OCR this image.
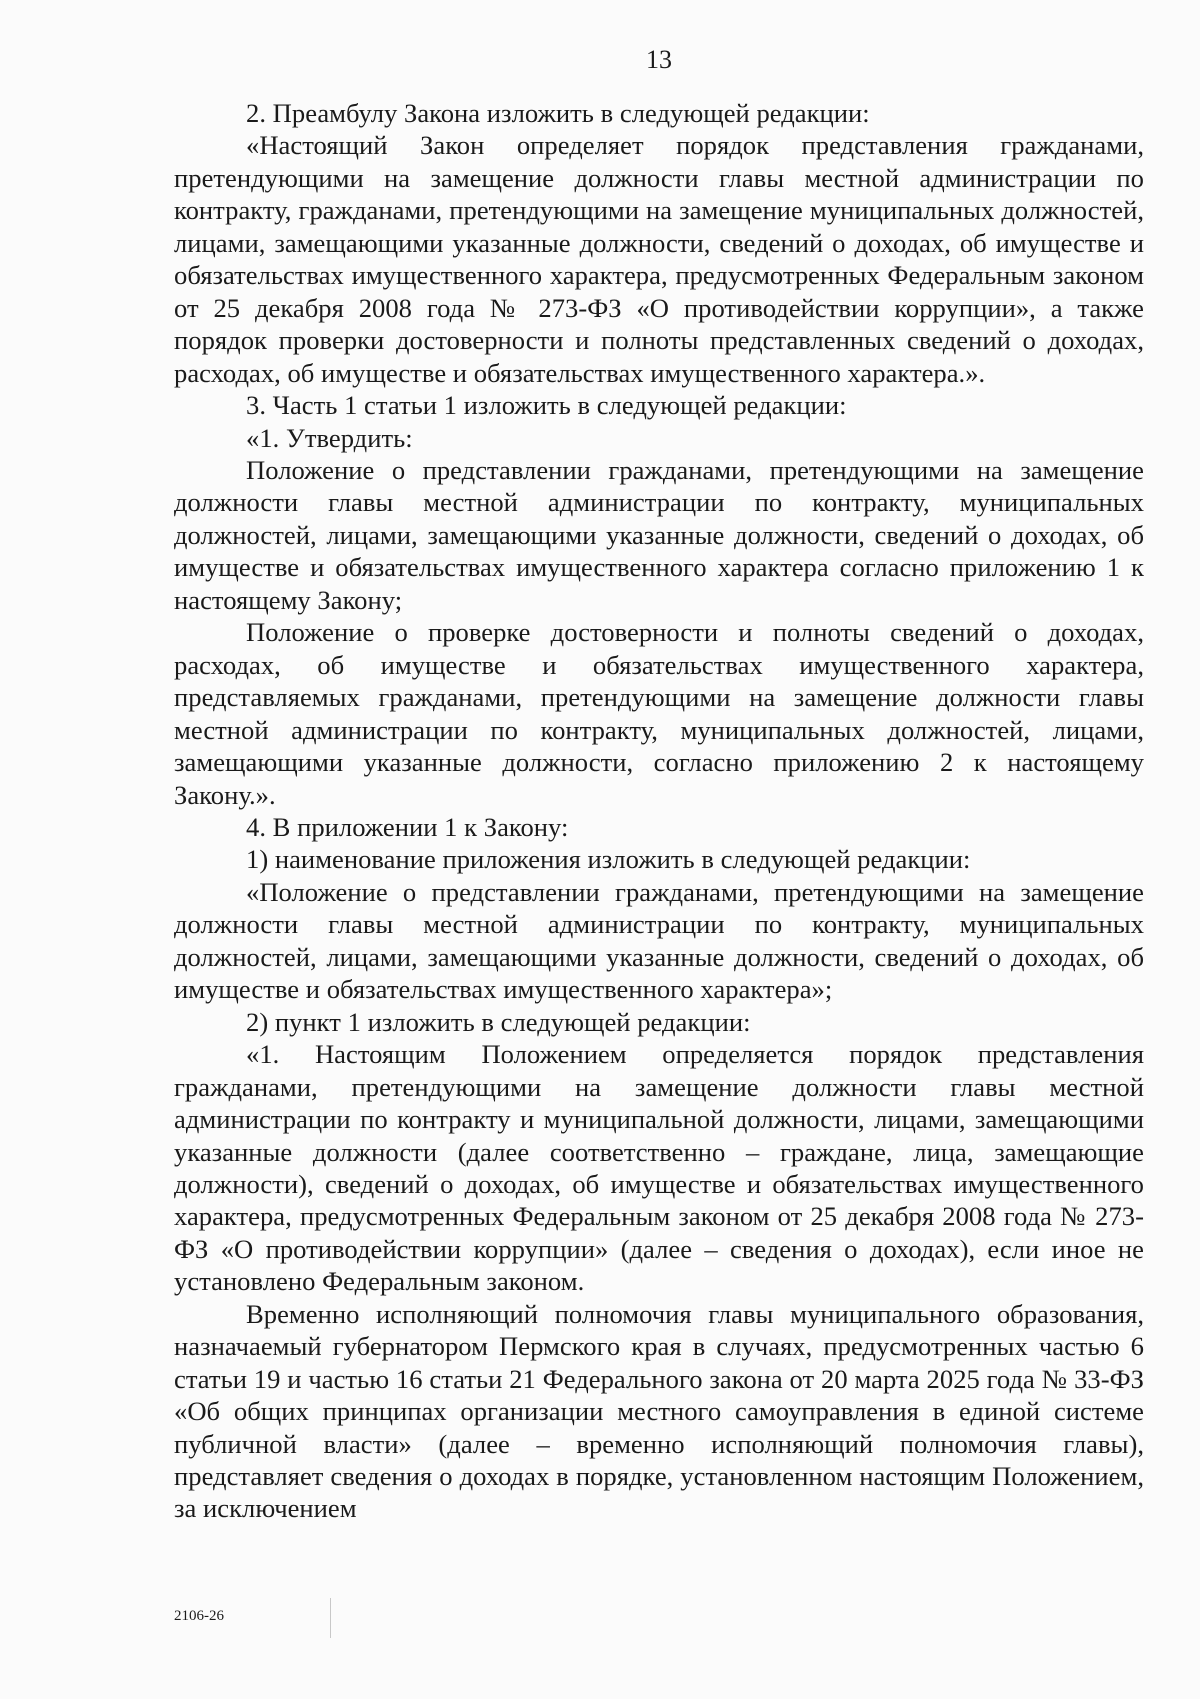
13

2. Преамбулу Закона изложить в следующей редакции:

«Настоящий Закон определяет порядок представления гражданами, претендующими на замещение должности главы местной администрации по контракту, гражданами, претендующими на замещение муниципальных должностей, лицами, замещающими указанные должности, сведений о доходах, об имуществе и обязательствах имущественного характера, предусмотренных Федеральным законом от 25 декабря 2008 года № 273-ФЗ «О противодействии коррупции», а также порядок проверки достоверности и полноты представленных сведений о доходах, расходах, об имуществе и обязательствах имущественного характера.».

3. Часть 1 статьи 1 изложить в следующей редакции:

«1. Утвердить:

Положение о представлении гражданами, претендующими на замещение должности главы местной администрации по контракту, муниципальных должностей, лицами, замещающими указанные должности, сведений о доходах, об имуществе и обязательствах имущественного характера согласно приложению 1 к настоящему Закону;

Положение о проверке достоверности и полноты сведений о доходах, расходах, об имуществе и обязательствах имущественного характера, представляемых гражданами, претендующими на замещение должности главы местной администрации по контракту, муниципальных должностей, лицами, замещающими указанные должности, согласно приложению 2 к настоящему Закону.».

4. В приложении 1 к Закону:

1) наименование приложения изложить в следующей редакции:

«Положение о представлении гражданами, претендующими на замещение должности главы местной администрации по контракту, муниципальных должностей, лицами, замещающими указанные должности, сведений о доходах, об имуществе и обязательствах имущественного характера»;

2) пункт 1 изложить в следующей редакции:

«1. Настоящим Положением определяется порядок представления гражданами, претендующими на замещение должности главы местной администрации по контракту и муниципальной должности, лицами, замещающими указанные должности (далее соответственно – граждане, лица, замещающие должности), сведений о доходах, об имуществе и обязательствах имущественного характера, предусмотренных Федеральным законом от 25 декабря 2008 года № 273-ФЗ «О противодействии коррупции» (далее – сведения о доходах), если иное не установлено Федеральным законом.

Временно исполняющий полномочия главы муниципального образования, назначаемый губернатором Пермского края в случаях, предусмотренных частью 6 статьи 19 и частью 16 статьи 21 Федерального закона от 20 марта 2025 года № 33-ФЗ «Об общих принципах организации местного самоуправления в единой системе публичной власти» (далее – временно исполняющий полномочия главы), представляет сведения о доходах в порядке, установленном настоящим Положением, за исключением

2106-26
